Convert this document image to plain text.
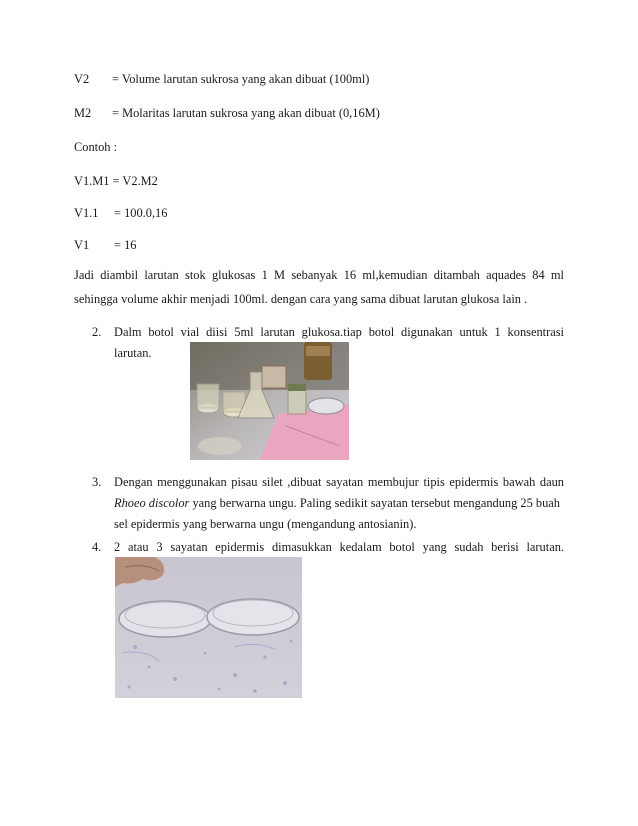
V2 = Volume larutan sukrosa yang akan dibuat (100ml)
M2 = Molaritas larutan sukrosa yang akan dibuat (0,16M)
Contoh :
V1.M1 = V2.M2
V1.1 = 100.0,16
V1 = 16
Jadi diambil larutan stok glukosas 1 M sebanyak 16 ml,kemudian ditambah aquades 84 ml
sehingga volume akhir menjadi 100ml. dengan cara yang sama dibuat larutan glukosa lain .
2. Dalm botol vial diisi 5ml larutan glukosa.tiap botol digunakan untuk 1 konsentrasi
larutan.
3. Dengan menggunakan pisau silet ,dibuat sayatan membujur tipis epidermis bawah daun
Rhoeo discolor yang berwarna ungu. Paling sedikit sayatan tersebut mengandung 25 buah
sel epidermis yang berwarna ungu (mengandung antosianin).
4. 2 atau 3 sayatan epidermis dimasukkan kedalam botol yang sudah berisi larutan.
